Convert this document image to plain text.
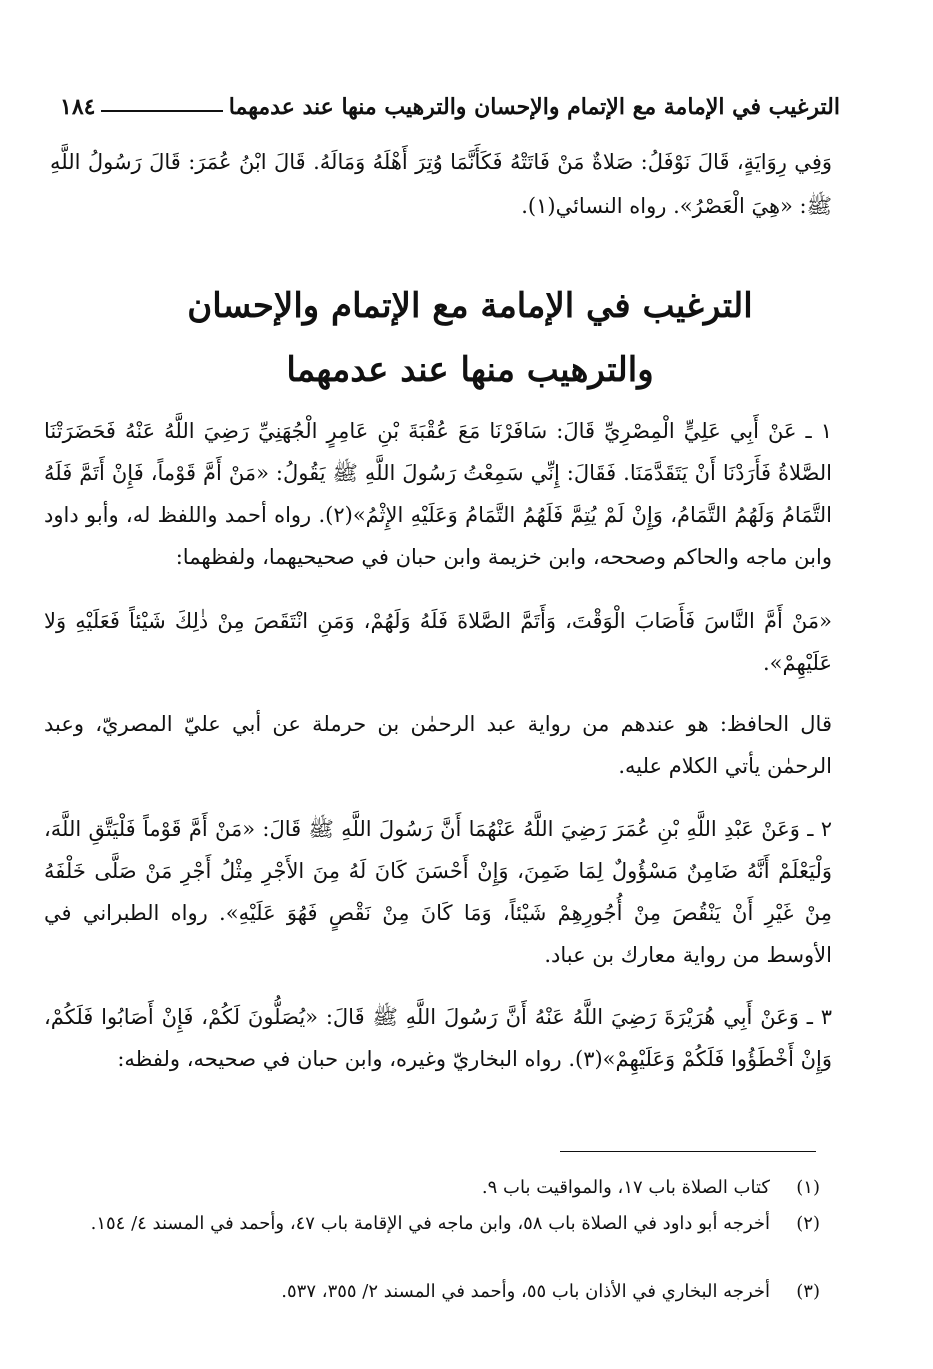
الترغيب في الإمامة مع الإتمام والإحسان والترهيب منها عند عدمهما
١٨٤
وَفِي رِوَايَةٍ، قَالَ نَوْفَلُ: صَلاةٌ مَنْ فَاتَتْهُ فَكَأَنَّمَا وُتِرَ أَهْلَهُ وَمَالَهُ. قَالَ ابْنُ عُمَرَ: قَالَ رَسُولُ اللَّهِ ﷺ: «هِيَ الْعَصْرُ». رواه النسائي(١).
الترغيب في الإمامة مع الإتمام والإحسان
والترهيب منها عند عدمهما
١ ـ عَنْ أَبِي عَلِيٍّ الْمِصْرِيِّ قَالَ: سَافَرْنَا مَعَ عُقْبَةَ بْنِ عَامِرٍ الْجُهَنِيِّ رَضِيَ اللَّهُ عَنْهُ فَحَضَرَتْنَا الصَّلاةُ فَأَرَدْنَا أَنْ يَتَقَدَّمَنَا. فَقَالَ: إِنِّي سَمِعْتُ رَسُولَ اللَّهِ ﷺ يَقُولُ: «مَنْ أَمَّ قَوْماً، فَإِنْ أَتَمَّ فَلَهُ التَّمَامُ وَلَهُمُ التَّمَامُ، وَإِنْ لَمْ يُتِمَّ فَلَهُمُ التَّمَامُ وَعَلَيْهِ الإِثْمُ»(٢). رواه أحمد واللفظ له، وأبو داود وابن ماجه والحاكم وصححه، وابن خزيمة وابن حبان في صحيحيهما، ولفظهما:
«مَنْ أَمَّ النَّاسَ فَأَصَابَ الْوَقْتَ، وَأَتَمَّ الصَّلاةَ فَلَهُ وَلَهُمْ، وَمَنِ انْتَقَصَ مِنْ ذٰلِكَ شَيْئاً فَعَلَيْهِ وَلا عَلَيْهِمْ».
قال الحافظ: هو عندهم من رواية عبد الرحمٰن بن حرملة عن أبي عليّ المصريّ، وعبد الرحمٰن يأتي الكلام عليه.
٢ ـ وَعَنْ عَبْدِ اللَّهِ بْنِ عُمَرَ رَضِيَ اللَّهُ عَنْهُمَا أَنَّ رَسُولَ اللَّهِ ﷺ قَالَ: «مَنْ أَمَّ قَوْماً فَلْيَتَّقِ اللَّهَ، وَلْيَعْلَمْ أَنَّهُ ضَامِنٌ مَسْؤُولٌ لِمَا ضَمِنَ، وَإِنْ أَحْسَنَ كَانَ لَهُ مِنَ الأَجْرِ مِثْلُ أَجْرِ مَنْ صَلَّى خَلْفَهُ مِنْ غَيْرِ أَنْ يَنْقُصَ مِنْ أُجُورِهِمْ شَيْئاً، وَمَا كَانَ مِنْ نَقْصٍ فَهُوَ عَلَيْهِ». رواه الطبراني في الأوسط من رواية معارك بن عباد.
٣ ـ وَعَنْ أَبِي هُرَيْرَةَ رَضِيَ اللَّهُ عَنْهُ أَنَّ رَسُولَ اللَّهِ ﷺ قَالَ: «يُصَلُّونَ لَكُمْ، فَإِنْ أَصَابُوا فَلَكُمْ، وَإِنْ أَخْطَؤُوا فَلَكُمْ وَعَلَيْهِمْ»(٣). رواه البخاريّ وغيره، وابن حبان في صحيحه، ولفظه:
(١)
كتاب الصلاة باب ١٧، والمواقيت باب ٩.
(٢)
أخرجه أبو داود في الصلاة باب ٥٨، وابن ماجه في الإقامة باب ٤٧، وأحمد في المسند ٤/ ١٥٤.
(٣)
أخرجه البخاري في الأذان باب ٥٥، وأحمد في المسند ٢/ ٣٥٥، ٥٣٧.
